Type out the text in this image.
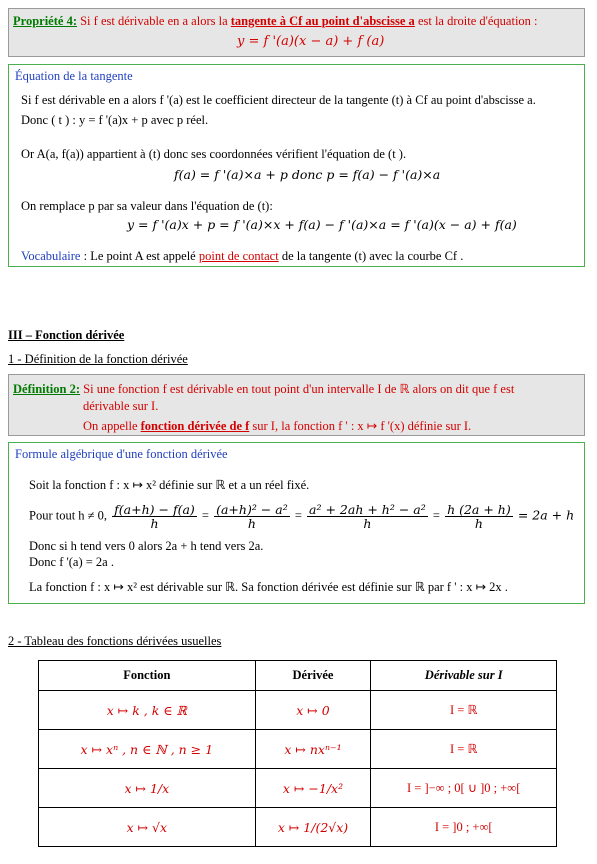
Propriété 4: Si f est dérivable en a alors la tangente à Cf au point d'abscisse a est la droite d'équation :
y = f '(a)(x − a) + f (a)
Équation de la tangente
Si f est dérivable en a alors f '(a) est le coefficient directeur de la tangente (t) à Cf au point d'abscisse a.
Donc ( t ) : y = f '(a)x + p avec p réel.
Or A(a, f(a)) appartient à (t) donc ses coordonnées vérifient l'équation de (t ).
f(a) = f '(a)×a + p donc p = f(a) − f '(a)×a
On remplace p par sa valeur dans l'équation de (t):
y = f '(a)x + p = f '(a)×x + f(a) − f '(a)×a = f '(a)(x − a) + f(a)
Vocabulaire : Le point A est appelé point de contact de la tangente (t) avec la courbe Cf .
III – Fonction dérivée
1 - Définition de la fonction dérivée
Définition 2: Si une fonction f est dérivable en tout point d'un intervalle I de ℝ alors on dit que f est
dérivable sur I.
On appelle fonction dérivée de f sur I, la fonction f ' : x ↦ f '(x) définie sur I.
Formule algébrique d'une fonction dérivée
Soit la fonction f : x ↦ x² définie sur ℝ et a un réel fixé.
Pour tout h ≠ 0, $\frac{f(a+h) - f(a)}{h} = \frac{\text{(a+h)² − a²}}{h} = \frac{\text{a² + 2ah + h² − a²}}{h} = \frac{h (2a + h)}{h} = 2a + h$
Donc si h tend vers 0 alors 2a + h tend vers 2a.
Donc f '(a) = 2a .
La fonction f : x ↦ x² est dérivable sur ℝ. Sa fonction dérivée est définie sur ℝ par f ' : x ↦ 2x .
2 - Tableau des fonctions dérivées usuelles
Fonction	Dérivée	Dérivable sur I
x ↦ k , k ∈ ℝ	x ↦ 0	I = ℝ
x ↦ xⁿ , n ∈ ℕ , n ≥ 1	x ↦ nxⁿ⁻¹	I = ℝ
x ↦ 1/x	x ↦ −1/x²	I = ]−∞ ; 0[ ∪ ]0 ; +∞[
x ↦ √x	x ↦ 1/(2√x)	I = ]0 ; +∞[
